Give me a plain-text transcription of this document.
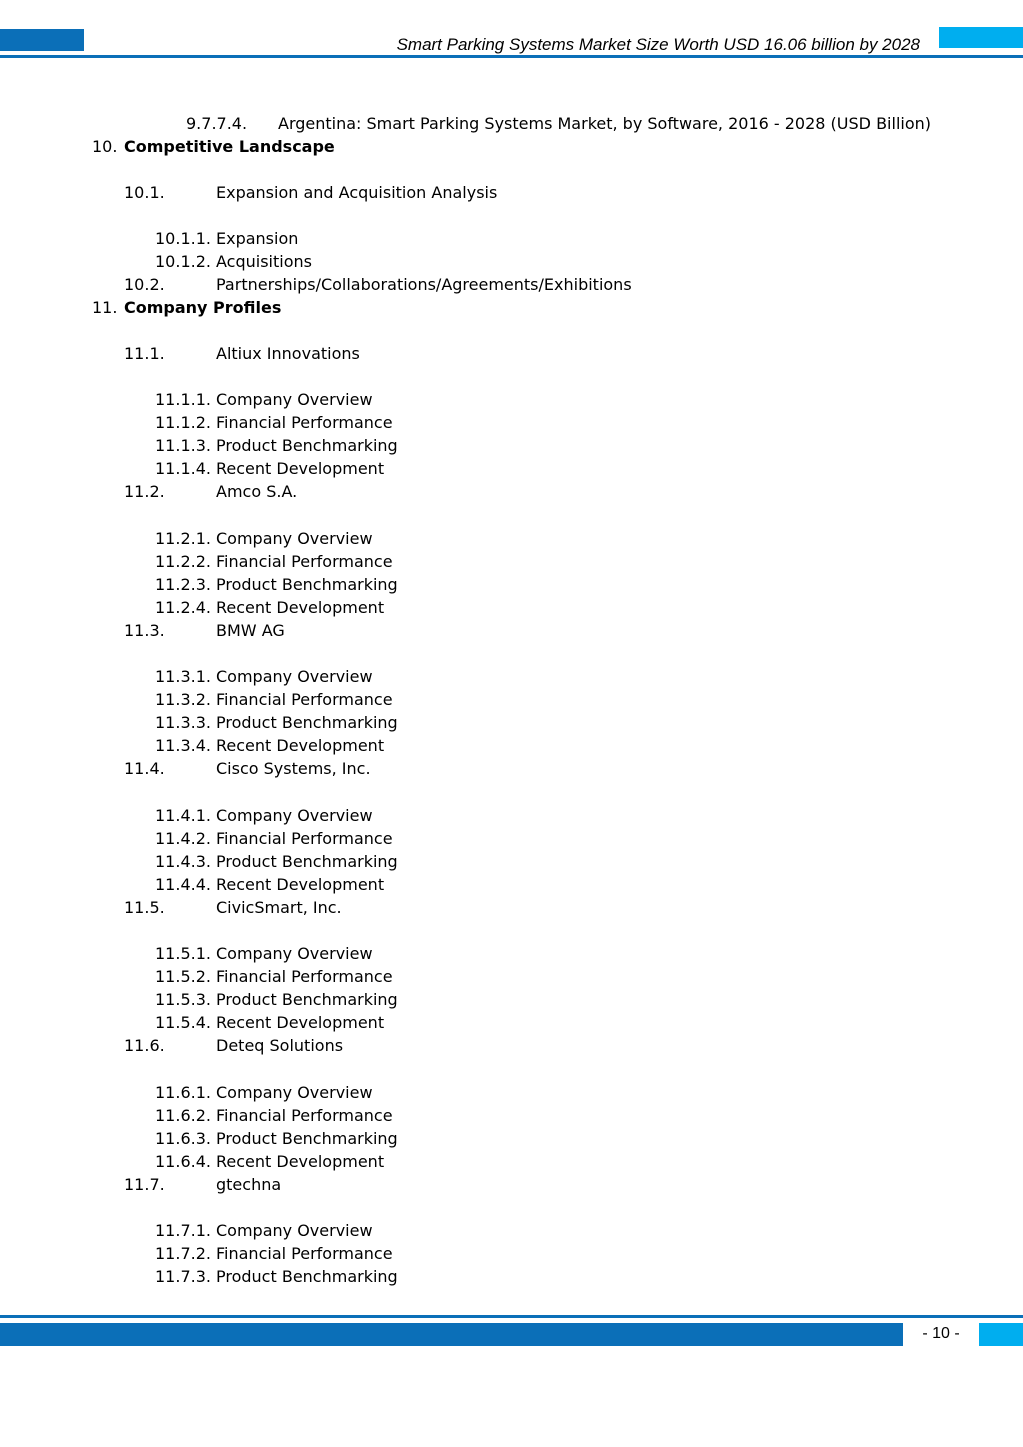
Smart Parking Systems Market Size Worth USD 16.06 billion by 2028
9.7.7.4. Argentina: Smart Parking Systems Market, by Software, 2016 - 2028 (USD Billion)
10. Competitive Landscape
10.1.	Expansion and Acquisition Analysis
10.1.1. Expansion
10.1.2. Acquisitions
10.2.	Partnerships/Collaborations/Agreements/Exhibitions
11. Company Profiles
11.1.	Altiux Innovations
11.1.1. Company Overview
11.1.2. Financial Performance
11.1.3. Product Benchmarking
11.1.4. Recent Development
11.2.	Amco S.A.
11.2.1. Company Overview
11.2.2. Financial Performance
11.2.3. Product Benchmarking
11.2.4. Recent Development
11.3.	BMW AG
11.3.1. Company Overview
11.3.2. Financial Performance
11.3.3. Product Benchmarking
11.3.4. Recent Development
11.4.	Cisco Systems, Inc.
11.4.1. Company Overview
11.4.2. Financial Performance
11.4.3. Product Benchmarking
11.4.4. Recent Development
11.5.	CivicSmart, Inc.
11.5.1. Company Overview
11.5.2. Financial Performance
11.5.3. Product Benchmarking
11.5.4. Recent Development
11.6.	Deteq Solutions
11.6.1. Company Overview
11.6.2. Financial Performance
11.6.3. Product Benchmarking
11.6.4. Recent Development
11.7.	gtechna
11.7.1. Company Overview
11.7.2. Financial Performance
11.7.3. Product Benchmarking
- 10 -
